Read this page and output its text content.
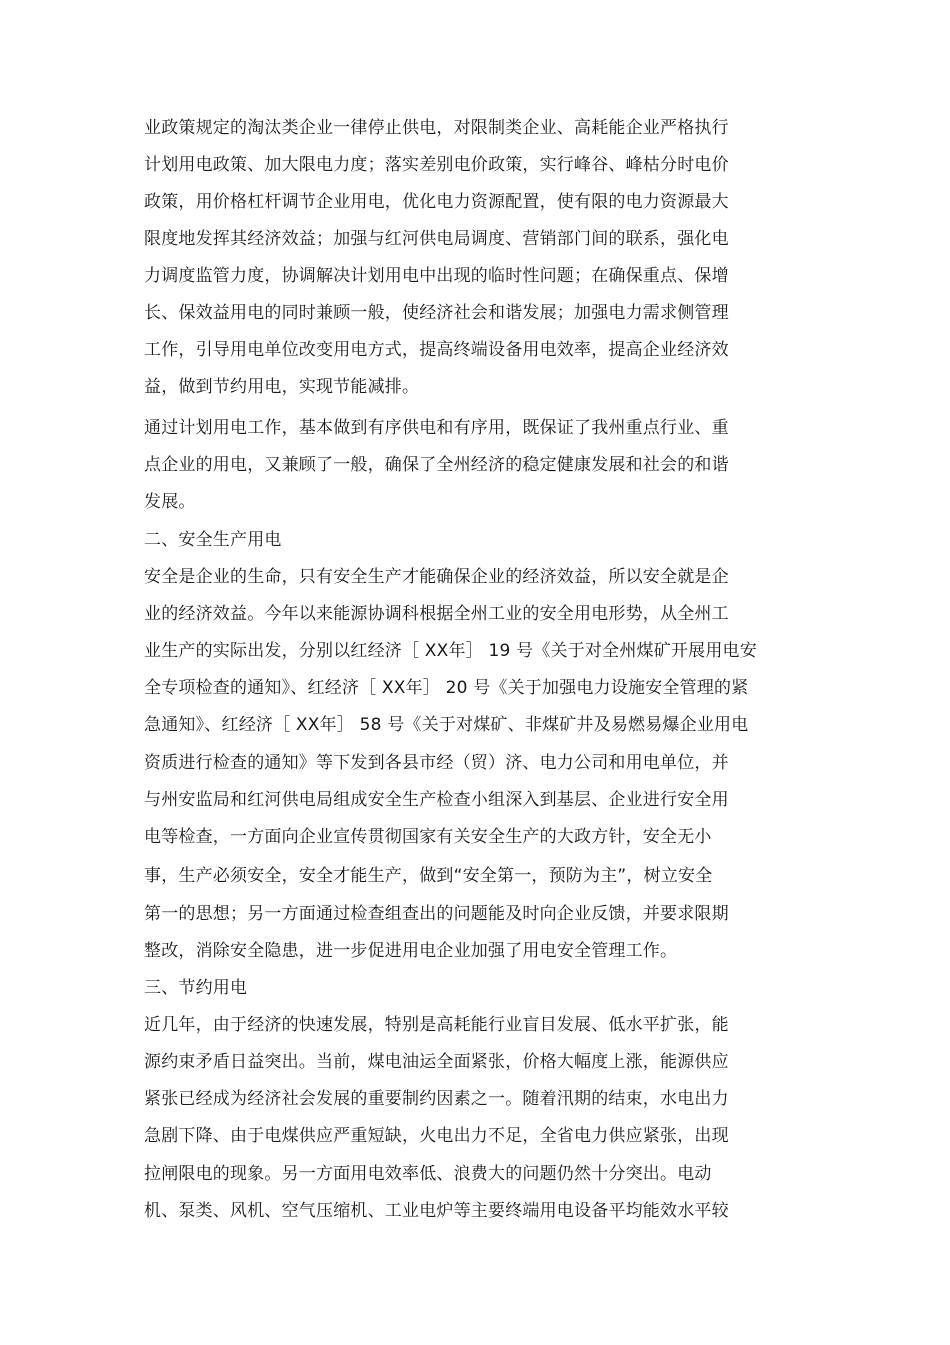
业政策规定的淘汰类企业一律停止供电，对限制类企业、高耗能企业严格执行
计划用电政策、加大限电力度；落实差别电价政策，实行峰谷、峰枯分时电价
政策，用价格杠杆调节企业用电，优化电力资源配置，使有限的电力资源最大
限度地发挥其经济效益；加强与红河供电局调度、营销部门间的联系，强化电
力调度监管力度，协调解决计划用电中出现的临时性问题；在确保重点、保增
长、保效益用电的同时兼顾一般，使经济社会和谐发展；加强电力需求侧管理
工作，引导用电单位改变用电方式，提高终端设备用电效率，提高企业经济效
益，做到节约用电，实现节能减排。
通过计划用电工作，基本做到有序供电和有序用，既保证了我州重点行业、重
点企业的用电，又兼顾了一般，确保了全州经济的稳定健康发展和社会的和谐
发展。
二、安全生产用电
安全是企业的生命，只有安全生产才能确保企业的经济效益，所以安全就是企
业的经济效益。今年以来能源协调科根据全州工业的安全用电形势，从全州工
业生产的实际出发，分别以红经济［ XX年］ 19 号《关于对全州煤矿开展用电安
全专项检查的通知》、红经济［ XX年］ 20 号《关于加强电力设施安全管理的紧
急通知》、红经济［ XX年］ 58 号《关于对煤矿、非煤矿井及易燃易爆企业用电
资质进行检查的通知》等下发到各县市经（贸）济、电力公司和用电单位，并
与州安监局和红河供电局组成安全生产检查小组深入到基层、企业进行安全用
电等检查，一方面向企业宣传贯彻国家有关安全生产的大政方针，安全无小
事，生产必须安全，安全才能生产，做到“安全第一，预防为主”，树立安全
第一的思想；另一方面通过检查组查出的问题能及时向企业反馈，并要求限期
整改，消除安全隐患，进一步促进用电企业加强了用电安全管理工作。
三、节约用电
近几年，由于经济的快速发展，特别是高耗能行业盲目发展、低水平扩张，能
源约束矛盾日益突出。当前，煤电油运全面紧张，价格大幅度上涨，能源供应
紧张已经成为经济社会发展的重要制约因素之一。随着汛期的结束，水电出力
急剧下降、由于电煤供应严重短缺，火电出力不足，全省电力供应紧张，出现
拉闸限电的现象。另一方面用电效率低、浪费大的问题仍然十分突出。电动
机、泵类、风机、空气压缩机、工业电炉等主要终端用电设备平均能效水平较
